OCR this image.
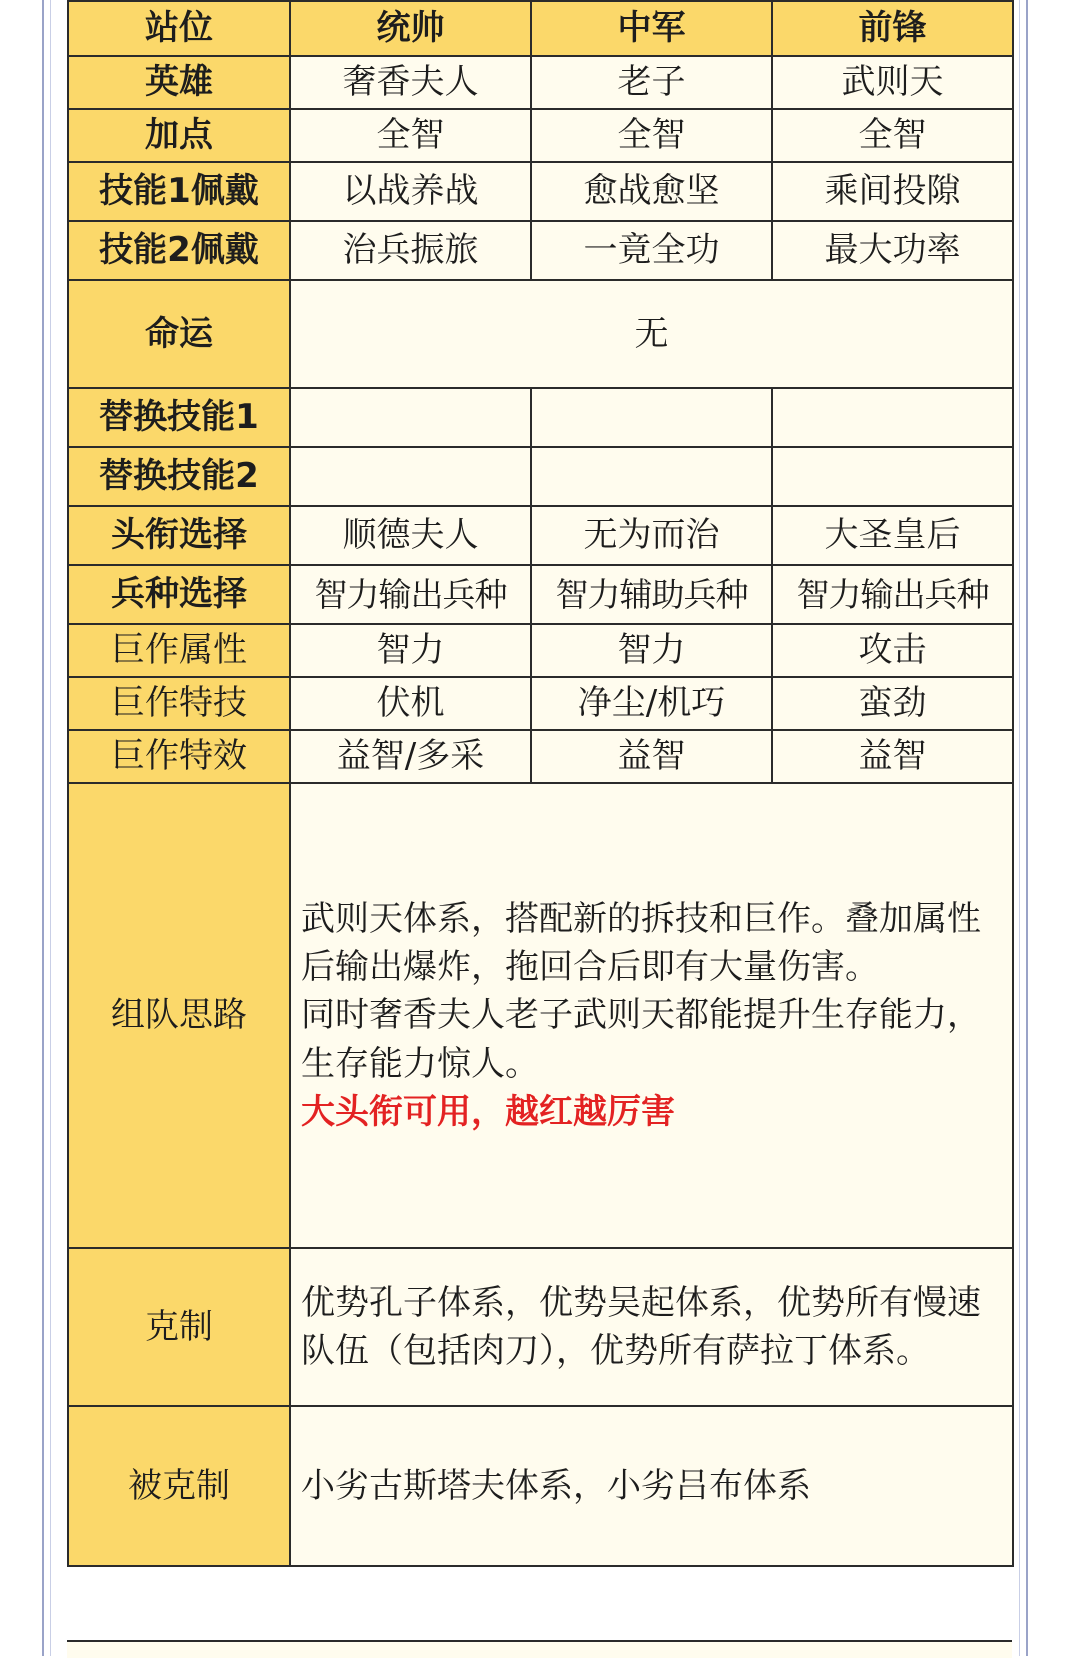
站位	统帅	中军	前锋
英雄	奢香夫人	老子	武则天
加点	全智	全智	全智
技能1佩戴	以战养战	愈战愈坚	乘间投隙
技能2佩戴	治兵振旅	一竟全功	最大功率
命运	无		
替换技能1			
替换技能2			
头衔选择	顺德夫人	无为而治	大圣皇后
兵种选择	智力输出兵种	智力辅助兵种	智力输出兵种
巨作属性	智力	智力	攻击
巨作特技	伏机	净尘/机巧	蛮劲
巨作特效	益智/多采	益智	益智
组队思路	武则天体系，搭配新的拆技和巨作。叠加属性后输出爆炸，拖回合后即有大量伤害。
同时奢香夫人老子武则天都能提升生存能力，生存能力惊人。
大头衔可用，越红越厉害		

克制	优势孔子体系，优势吴起体系，优势所有慢速队伍（包括肉刀），优势所有萨拉丁体系。		
被克制	小劣古斯塔夫体系，小劣吕布体系		
